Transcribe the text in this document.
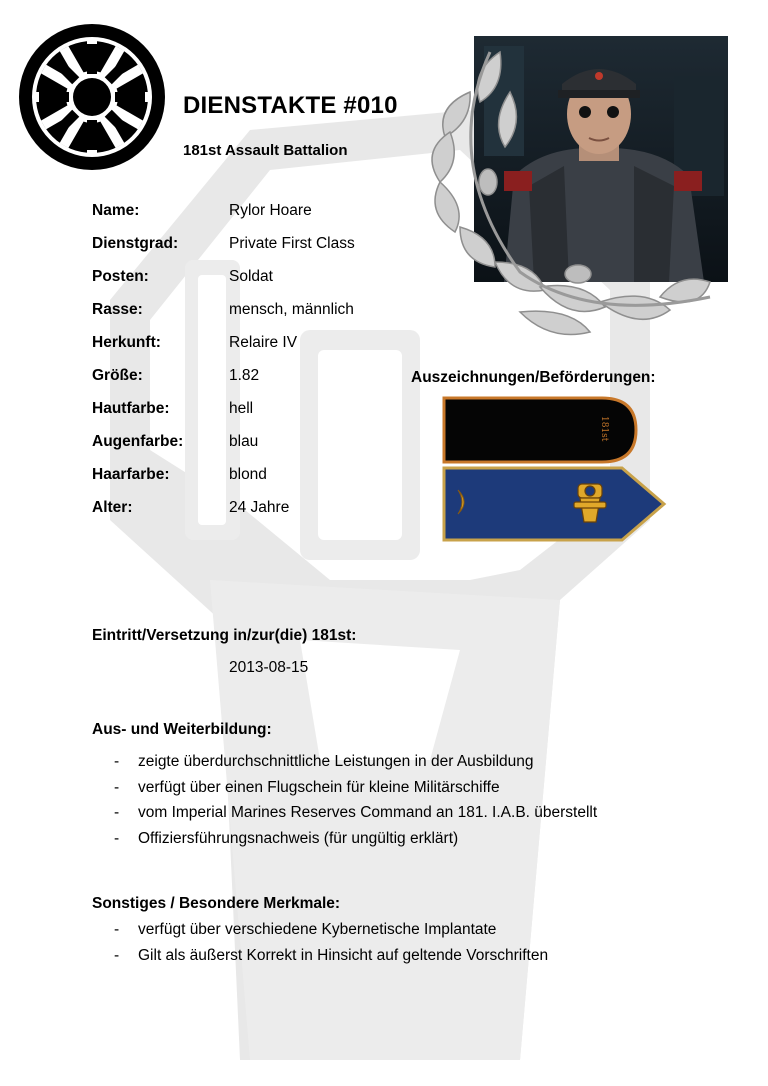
DIENSTAKTE #010
181st Assault Battalion
Name:	Rylor Hoare
Dienstgrad:	Private First Class
Posten:	Soldat
Rasse:	mensch, männlich
Herkunft:	Relaire IV
Größe:	1.82
Hautfarbe:	hell
Augenfarbe:	blau
Haarfarbe:	blond
Alter:	24 Jahre
Auszeichnungen/Beförderungen:
181st
Eintritt/Versetzung in/zur(die) 181st:
2013-08-15
Aus- und Weiterbildung:
- zeigte überdurchschnittliche Leistungen in der Ausbildung
- verfügt über einen Flugschein für kleine Militärschiffe
- vom Imperial Marines Reserves Command an 181. I.A.B. überstellt
- Offiziersführungsnachweis (für ungültig erklärt)
Sonstiges / Besondere Merkmale:
- verfügt über verschiedene Kybernetische Implantate
- Gilt als äußerst Korrekt in Hinsicht auf geltende Vorschriften
